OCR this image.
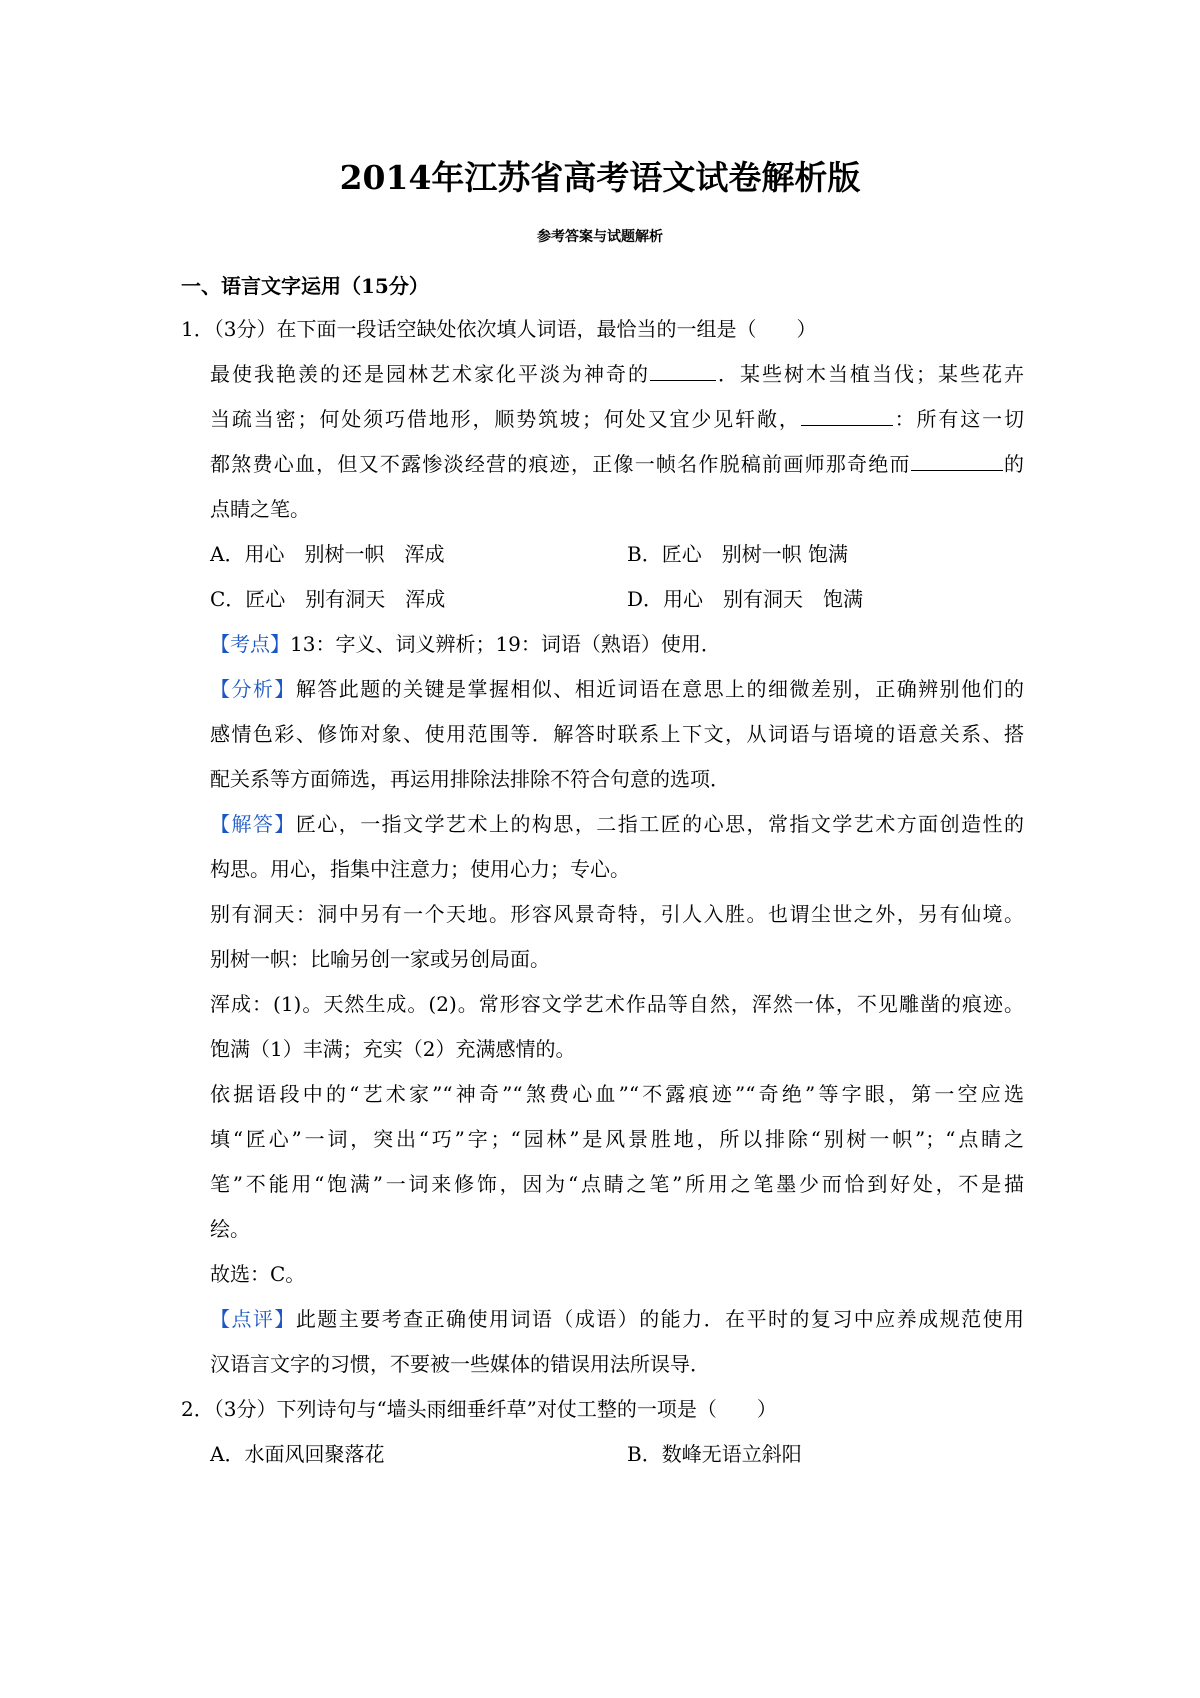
2014年江苏省高考语文试卷解析版
参考答案与试题解析
一、语言文字运用（15分）
1．（3分）在下面一段话空缺处依次填人词语，最恰当的一组是（　　）
最使我艳羡的还是园林艺术家化平淡为神奇的	．某些树木当植当伐；某些花卉
当疏当密；何处须巧借地形，顺势筑坡；何处又宜少见轩敞，	：所有这一切
都煞费心血，但又不露惨淡经营的痕迹，正像一帧名作脱稿前画师那奇绝而	的
点睛之笔。
A．用心　别树一帜　浑成	B．匠心　别树一帜 饱满
C．匠心　别有洞天　浑成	D．用心　别有洞天　饱满
【考点】13：字义、词义辨析；19：词语（熟语）使用．
【分析】解答此题的关键是掌握相似、相近词语在意思上的细微差别，正确辨别他们的
感情色彩、修饰对象、使用范围等．解答时联系上下文，从词语与语境的语意关系、搭
配关系等方面筛选，再运用排除法排除不符合句意的选项．
【解答】匠心，一指文学艺术上的构思，二指工匠的心思，常指文学艺术方面创造性的
构思。用心，指集中注意力；使用心力；专心。
别有洞天：洞中另有一个天地。形容风景奇特，引人入胜。也谓尘世之外，另有仙境。
别树一帜：比喻另创一家或另创局面。
浑成：(1)。天然生成。(2)。常形容文学艺术作品等自然，浑然一体，不见雕凿的痕迹。
饱满（1）丰满；充实（2）充满感情的。
依据语段中的“艺术家”“神奇”“煞费心血”“不露痕迹”“奇绝”等字眼，第一空应选
填“匠心”一词，突出“巧”字；“园林”是风景胜地，所以排除“别树一帜”；“点睛之
笔”不能用“饱满”一词来修饰，因为“点睛之笔”所用之笔墨少而恰到好处，不是描
绘。
故选：C。
【点评】此题主要考查正确使用词语（成语）的能力．在平时的复习中应养成规范使用
汉语言文字的习惯，不要被一些媒体的错误用法所误导．
2．（3分）下列诗句与“墙头雨细垂纤草”对仗工整的一项是（　　）
A．水面风回聚落花	B．数峰无语立斜阳
